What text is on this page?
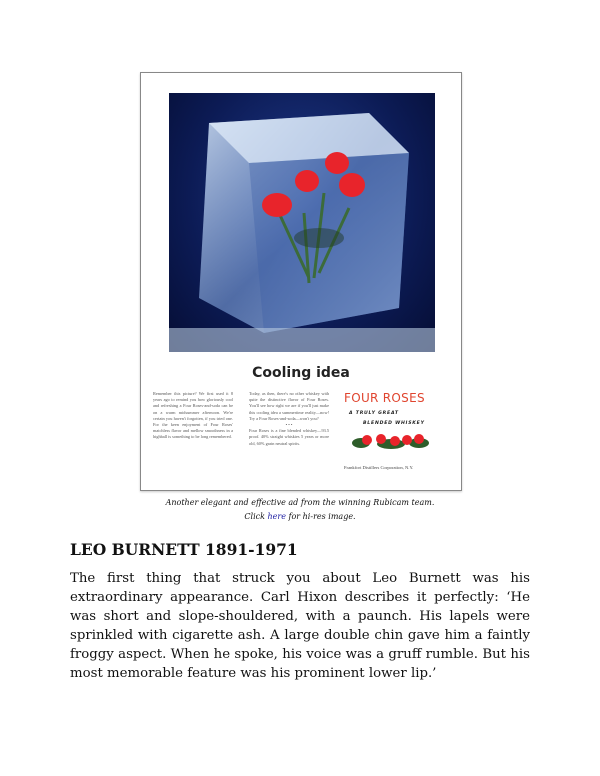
Cooling idea
Remember this picture? We first used it 8 years ago to remind you how gloriously cool and refreshing a Four Roses-and-soda can be on a warm midsummer afternoon. We're certain you haven't forgotten, if you tried one. For the keen enjoyment of Four Roses' matchless flavor and mellow smoothness in a highball is something to be long remembered.
Today, as then, there's no other whiskey with quite the distinctive flavor of Four Roses. You'll see how right we are if you'll just make this cooling idea a summertime reality—now! Try a Four Roses-and-soda—won't you?
• • •
Four Roses is a fine blended whiskey—93.5 proof. 40% straight whiskies 5 years or more old, 60% grain neutral spirits.
FOUR ROSES
A TRULY GREAT
BLENDED WHISKEY
Frankfort Distillers Corporation, N.Y.
Another elegant and effective ad from the winning Rubicam team.
Click here for hi-res image.
LEO BURNETT 1891-1971

The first thing that struck you about Leo Burnett was his extraordinary appearance. Carl Hixon describes it perfectly: ‘He was short and slope-shouldered, with a paunch. His lapels were sprinkled with cigarette ash. A large double chin gave him a faintly froggy aspect. When he spoke, his voice was a gruff rumble. But his most memorable feature was his prominent lower lip.’
